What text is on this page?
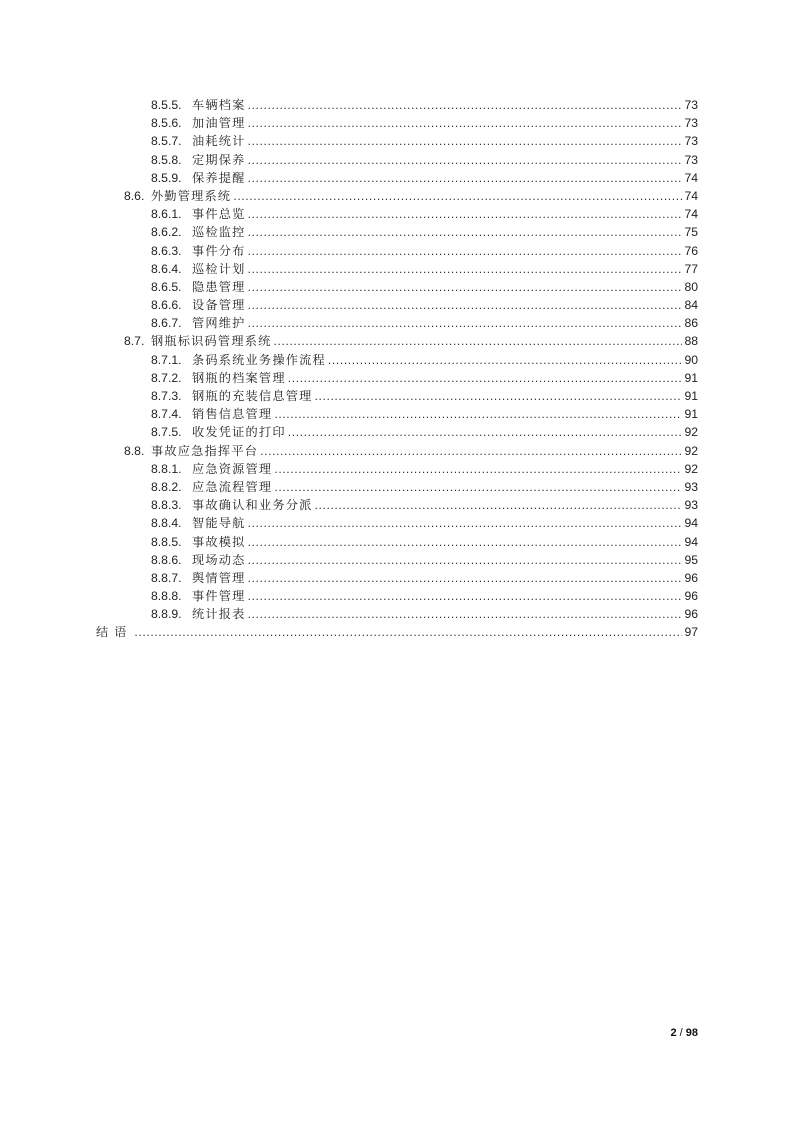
8.5.5. 车辆档案 .....	73
8.5.6. 加油管理 .....	73
8.5.7. 油耗统计 .....	73
8.5.8. 定期保养 .....	73
8.5.9. 保养提醒 .....	74
8.6. 外勤管理系统 .....	74
8.6.1. 事件总览 .....	74
8.6.2. 巡检监控 .....	75
8.6.3. 事件分布 .....	76
8.6.4. 巡检计划 .....	77
8.6.5. 隐患管理 .....	80
8.6.6. 设备管理 .....	84
8.6.7. 管网维护 .....	86
8.7. 钢瓶标识码管理系统 .....	88
8.7.1. 条码系统业务操作流程 .....	90
8.7.2. 钢瓶的档案管理 .....	91
8.7.3. 钢瓶的充装信息管理 .....	91
8.7.4. 销售信息管理 .....	91
8.7.5. 收发凭证的打印 .....	92
8.8. 事故应急指挥平台 .....	92
8.8.1. 应急资源管理 .....	92
8.8.2. 应急流程管理 .....	93
8.8.3. 事故确认和业务分派 .....	93
8.8.4. 智能导航 .....	94
8.8.5. 事故模拟 .....	94
8.8.6. 现场动态 .....	95
8.8.7. 舆情管理 .....	96
8.8.8. 事件管理 .....	96
8.8.9. 统计报表 .....	96
结语 .....	97
2 / 98
